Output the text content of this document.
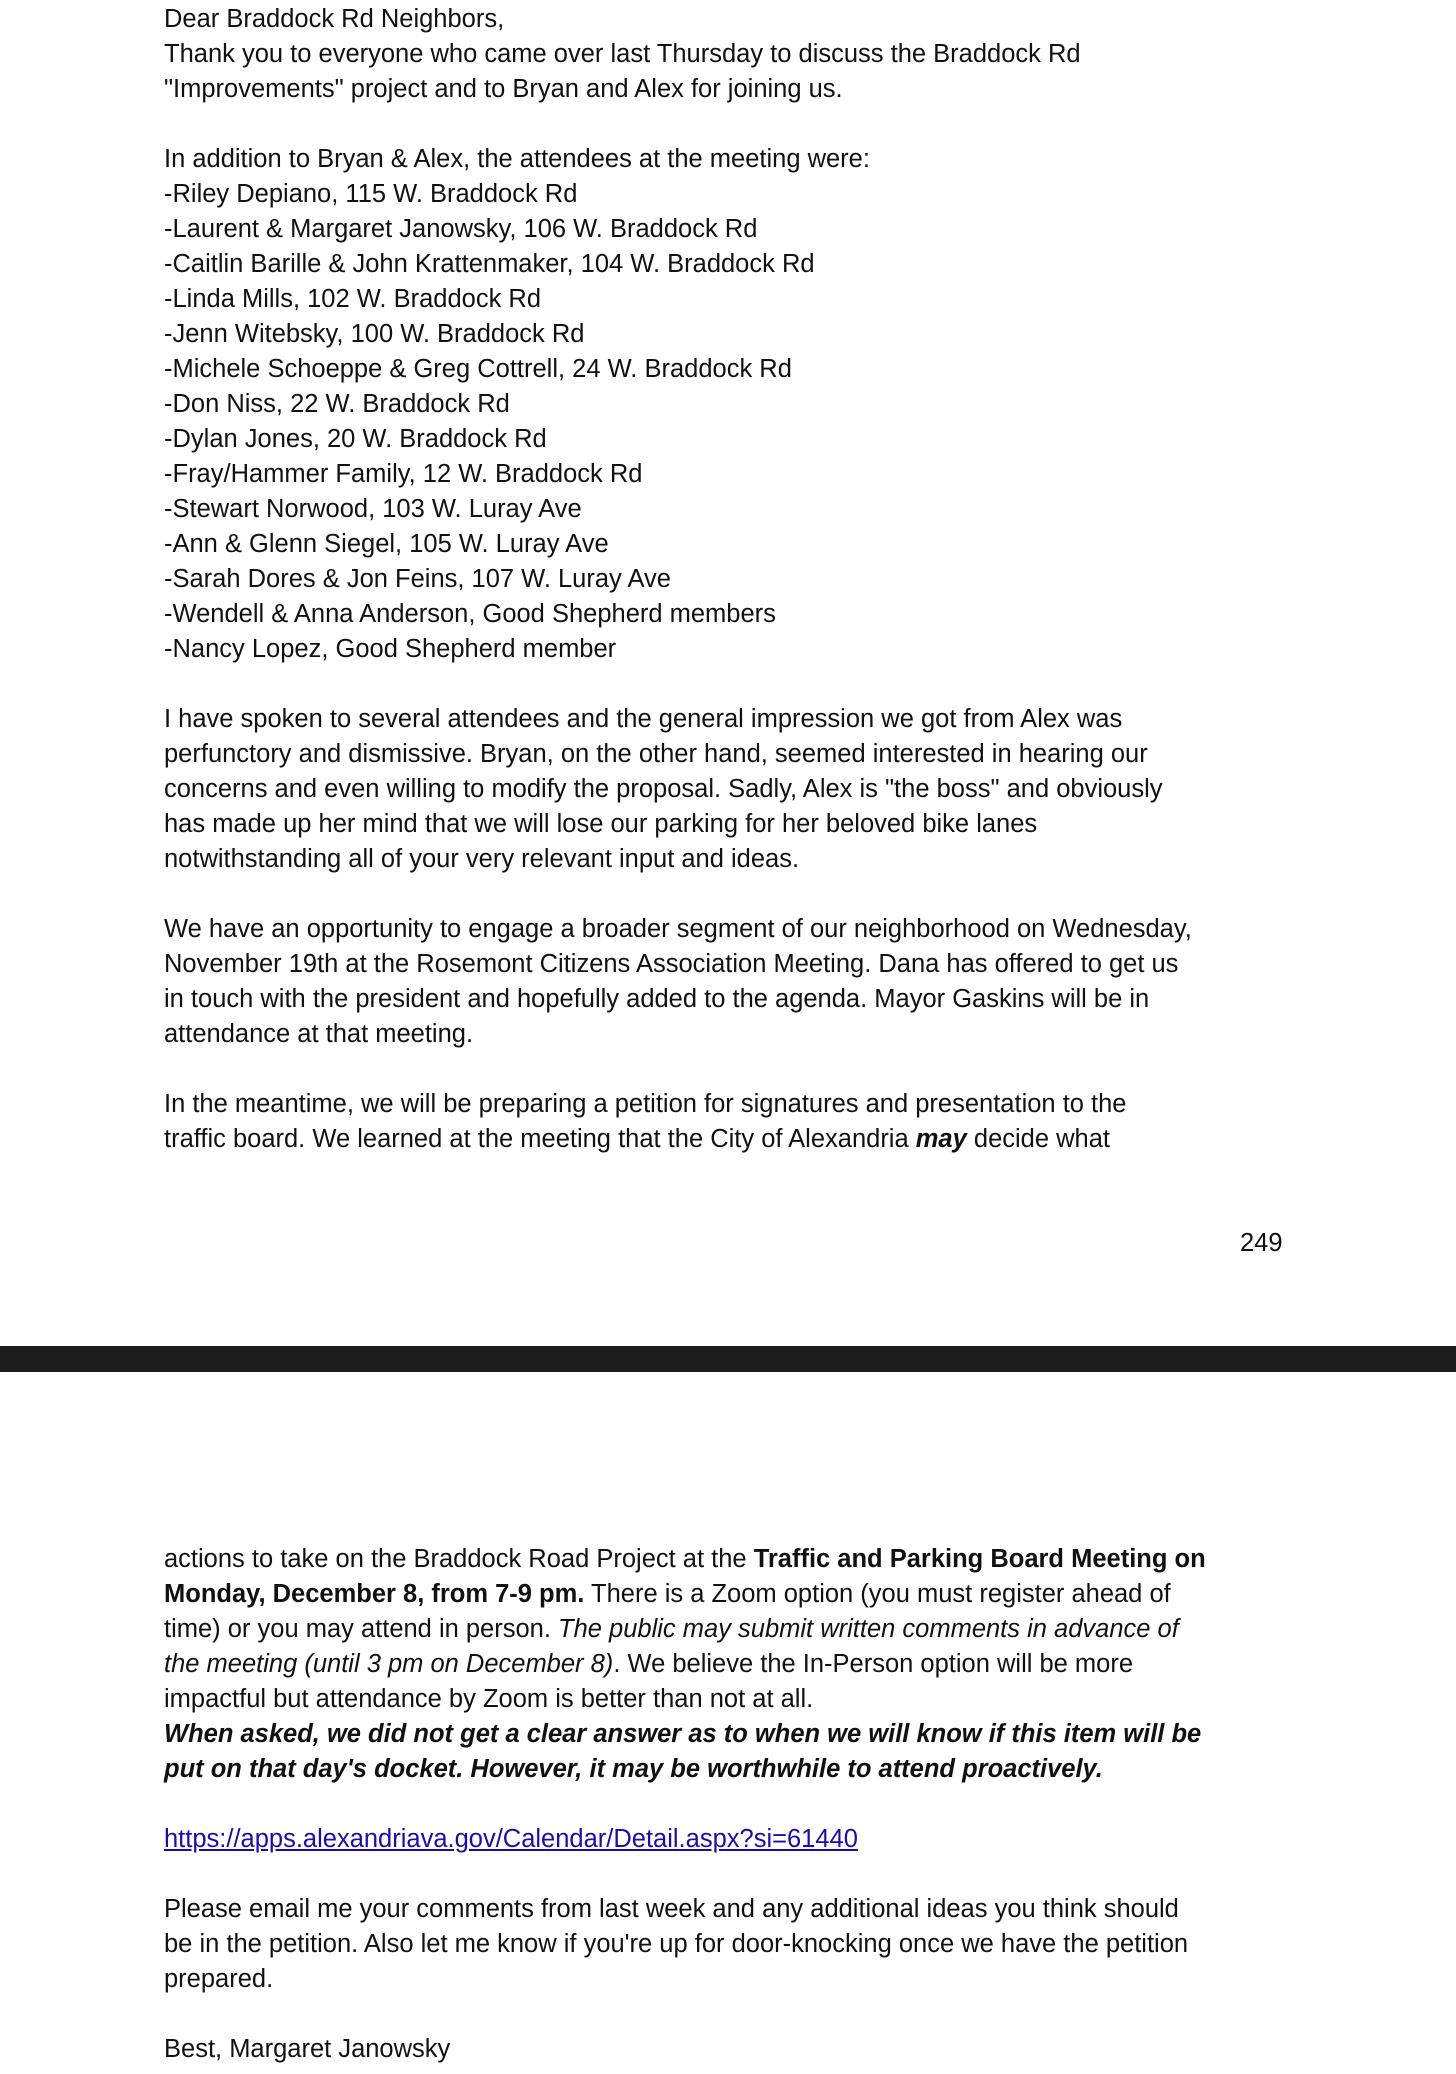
Dear Braddock Rd Neighbors,

Thank you to everyone who came over last Thursday to discuss the Braddock Rd

"Improvements" project and to Bryan and Alex for joining us.

In addition to Bryan & Alex, the attendees at the meeting were:

-Riley Depiano, 115 W. Braddock Rd
-Laurent & Margaret Janowsky, 106 W. Braddock Rd
-Caitlin Barille & John Krattenmaker, 104 W. Braddock Rd
-Linda Mills, 102 W. Braddock Rd
-Jenn Witebsky, 100 W. Braddock Rd
-Michele Schoeppe & Greg Cottrell, 24 W. Braddock Rd
-Don Niss, 22 W. Braddock Rd
-Dylan Jones, 20 W. Braddock Rd
-Fray/Hammer Family, 12 W. Braddock Rd
-Stewart Norwood, 103 W. Luray Ave
-Ann & Glenn Siegel, 105 W. Luray Ave
-Sarah Dores & Jon Feins, 107 W. Luray Ave
-Wendell & Anna Anderson, Good Shepherd members
-Nancy Lopez, Good Shepherd member

I have spoken to several attendees and the general impression we got from Alex was

perfunctory and dismissive. Bryan, on the other hand, seemed interested in hearing our

concerns and even willing to modify the proposal. Sadly, Alex is "the boss" and obviously

has made up her mind that we will lose our parking for her beloved bike lanes

notwithstanding all of your very relevant input and ideas.

We have an opportunity to engage a broader segment of our neighborhood on Wednesday,

November 19th at the Rosemont Citizens Association Meeting. Dana has offered to get us

in touch with the president and hopefully added to the agenda. Mayor Gaskins will be in

attendance at that meeting.

In the meantime, we will be preparing a petition for signatures and presentation to the

traffic board. We learned at the meeting that the City of Alexandria may decide what

249

actions to take on the Braddock Road Project at the Traffic and Parking Board Meeting on

Monday, December 8, from 7-9 pm. There is a Zoom option (you must register ahead of

time) or you may attend in person. The public may submit written comments in advance of

the meeting (until 3 pm on December 8). We believe the In-Person option will be more

impactful but attendance by Zoom is better than not at all.

When asked, we did not get a clear answer as to when we will know if this item will be

put on that day's docket. However, it may be worthwhile to attend proactively.

https://apps.alexandriava.gov/Calendar/Detail.aspx?si=61440

Please email me your comments from last week and any additional ideas you think should

be in the petition. Also let me know if you're up for door-knocking once we have the petition

prepared.

Best, Margaret Janowsky
